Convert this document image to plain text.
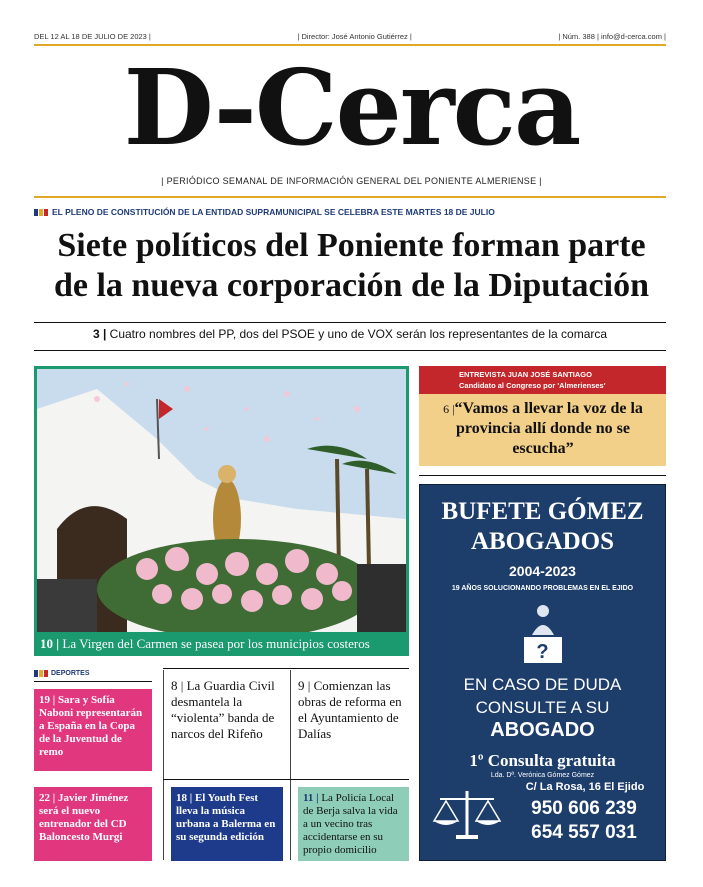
DEL 12 AL 18 DE JULIO DE 2023 |	| Director: José Antonio Gutiérrez |	| Núm. 388 | info@d-cerca.com |
D-Cerca
| PERIÓDICO SEMANAL DE INFORMACIÓN GENERAL DEL PONIENTE ALMERIENSE |
EL PLENO DE CONSTITUCIÓN DE LA ENTIDAD SUPRAMUNICIPAL SE CELEBRA ESTE MARTES 18 DE JULIO
Siete políticos del Poniente forman parte
de la nueva corporación de la Diputación
3 | Cuatro nombres del PP, dos del PSOE y uno de VOX serán los representantes de la comarca
10 | La Virgen del Carmen se pasea por los municipios costeros
ENTREVISTA JUAN JOSÉ SANTIAGO
Candidato al Congreso por 'Almerienses'
6 |“Vamos a llevar la voz de la provincia allí donde no se escucha”
BUFETE GÓMEZ
ABOGADOS
2004-2023
19 AÑOS SOLUCIONANDO PROBLEMAS EN EL EJIDO
?
EN CASO DE DUDA
CONSULTE A SU
ABOGADO
1º Consulta gratuita
Lda. Dª. Verónica Gómez Gómez
C/ La Rosa, 16 El Ejido
950 606 239
654 557 031
DEPORTES
19 | Sara y Sofía Naboni representarán a España en la Copa de la Juventud de remo
22 | Javier Jiménez será el nuevo entrenador del CD Baloncesto Murgi
8 | La Guardia Civil desmantela la “violenta” banda de narcos del Rifeño
9 | Comienzan las obras de reforma en el Ayuntamiento de Dalías
18 | El Youth Fest lleva la música urbana a Balerma en su segunda edición
11 | La Policía Local de Berja salva la vida a un vecino tras accidentarse en su propio domicilio
